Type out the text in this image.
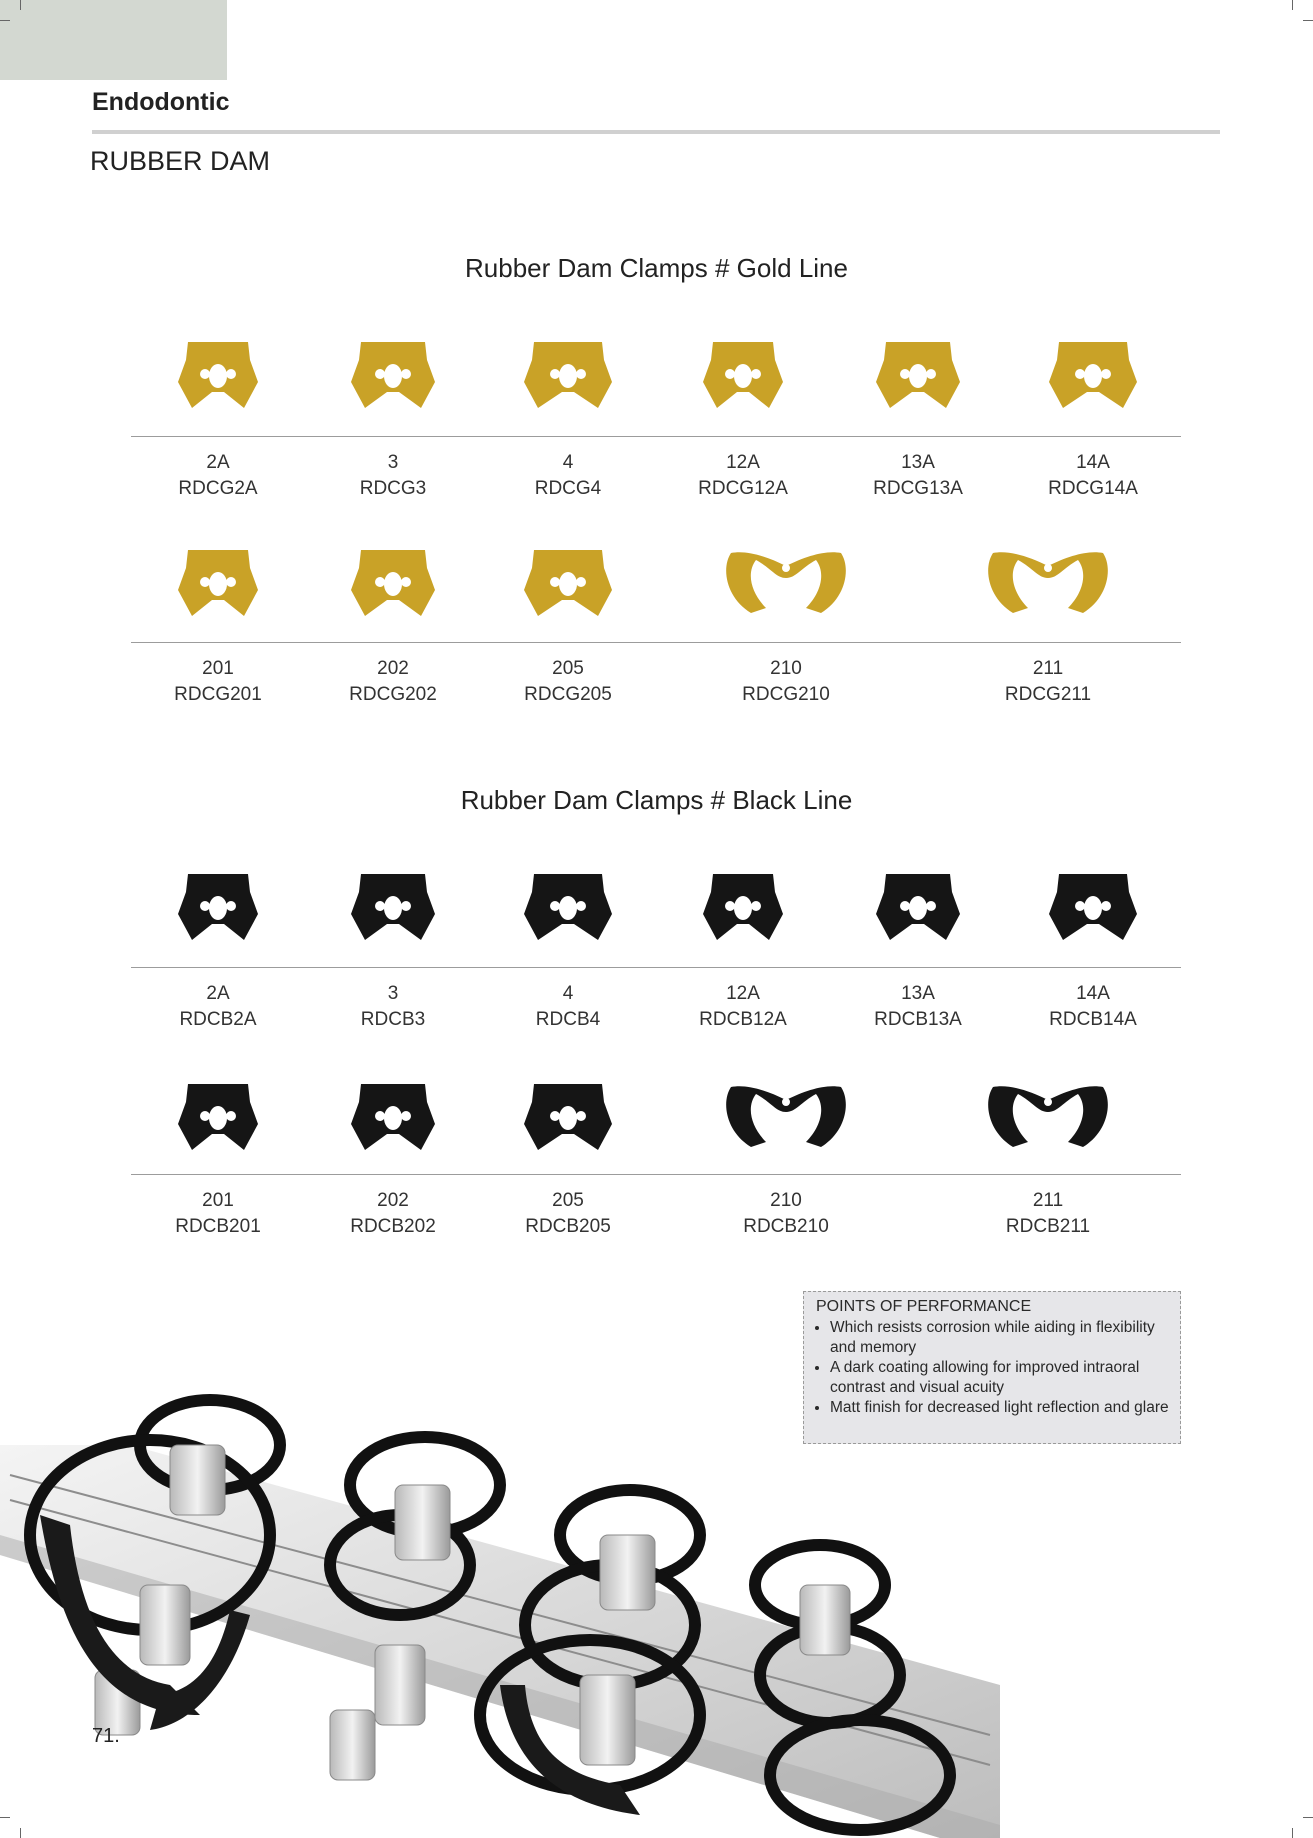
Endodontic
RUBBER DAM
Rubber Dam Clamps # Gold Line
2A
RDCG2A
3
RDCG3
4
RDCG4
12A
RDCG12A
13A
RDCG13A
14A
RDCG14A
201
RDCG201
202
RDCG202
205
RDCG205
210
RDCG210
211
RDCG211
Rubber Dam Clamps # Black Line
2A
RDCB2A
3
RDCB3
4
RDCB4
12A
RDCB12A
13A
RDCB13A
14A
RDCB14A
201
RDCB201
202
RDCB202
205
RDCB205
210
RDCB210
211
RDCB211
POINTS OF PERFORMANCE
• Which resists corrosion while aiding in flexibility and memory
• A dark coating allowing for improved intraoral contrast and visual acuity
• Matt finish for decreased light reflection and glare
71.
